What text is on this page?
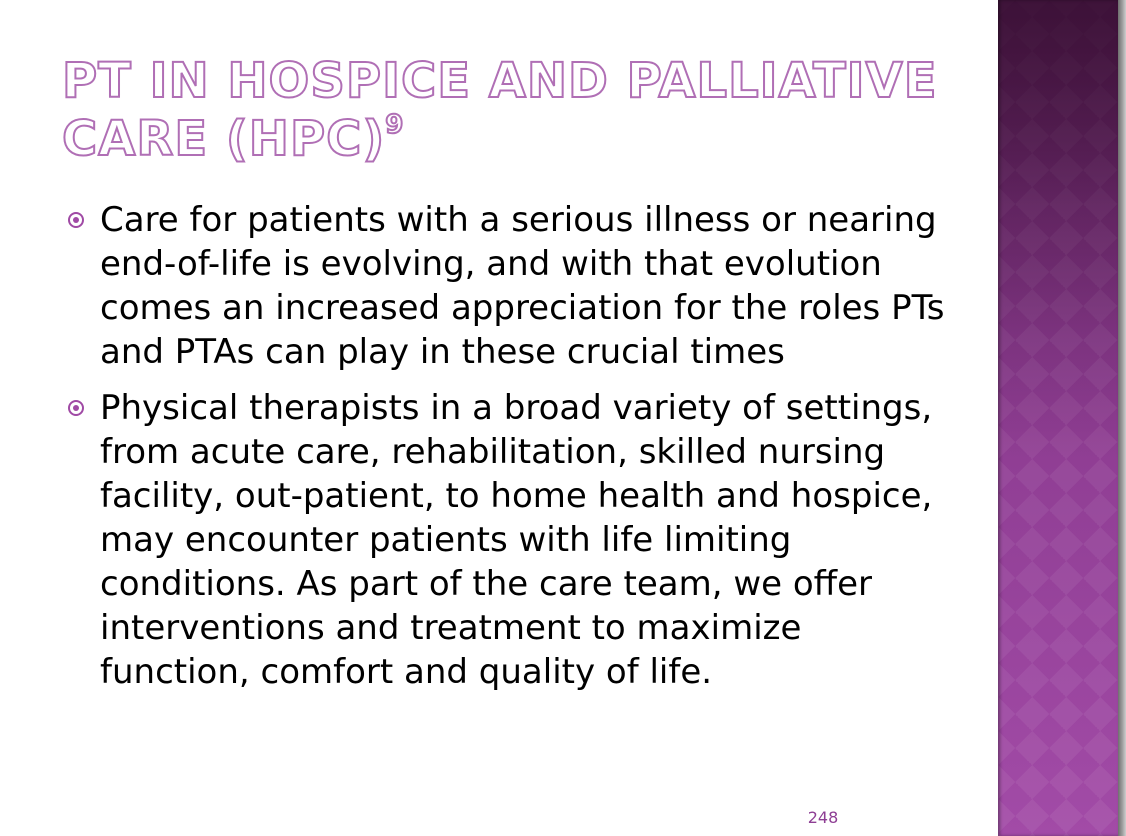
PT IN HOSPICE AND PALLIATIVE CARE (HPC)$^9$
Care for patients with a serious illness or nearing end-of-life is evolving, and with that evolution comes an increased appreciation for the roles PTs and PTAs can play in these crucial times
Physical therapists in a broad variety of settings, from acute care, rehabilitation, skilled nursing facility, out-patient, to home health and hospice, may encounter patients with life limiting conditions. As part of the care team, we offer interventions and treatment to maximize function, comfort and quality of life.
248
